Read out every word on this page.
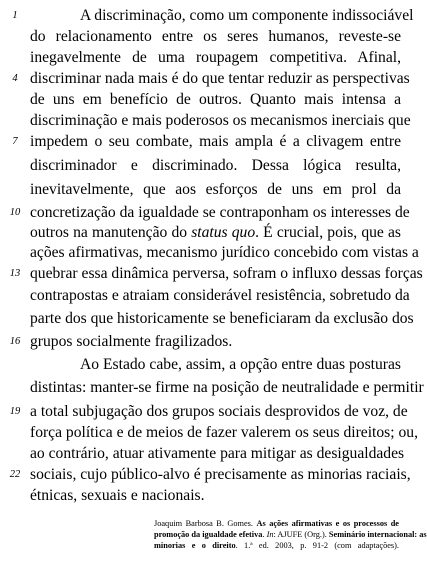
1
4
7
10
13
16
19
22
A discriminação, como um componente indissociável
do relacionamento entre os seres humanos, reveste-se
inegavelmente de uma roupagem competitiva. Afinal,
discriminar nada mais é do que tentar reduzir as perspectivas
de uns em benefício de outros. Quanto mais intensa a
discriminação e mais poderosos os mecanismos inerciais que
impedem o seu combate, mais ampla é a clivagem entre
discriminador e discriminado. Dessa lógica resulta,
inevitavelmente, que aos esforços de uns em prol da
concretização da igualdade se contraponham os interesses de
outros na manutenção do status quo. É crucial, pois, que as
ações afirmativas, mecanismo jurídico concebido com vistas a
quebrar essa dinâmica perversa, sofram o influxo dessas forças
contrapostas e atraiam considerável resistência, sobretudo da
parte dos que historicamente se beneficiaram da exclusão dos
grupos socialmente fragilizados.
Ao Estado cabe, assim, a opção entre duas posturas
distintas: manter-se firme na posição de neutralidade e permitir
a total subjugação dos grupos sociais desprovidos de voz, de
força política e de meios de fazer valerem os seus direitos; ou,
ao contrário, atuar ativamente para mitigar as desigualdades
sociais, cujo público-alvo é precisamente as minorias raciais,
étnicas, sexuais e nacionais.
Joaquim Barbosa B. Gomes. As ações afirmativas e os processos de
promoção da igualdade efetiva. In: AJUFE (Org.). Seminário internacional: as
minorias e o direito. 1.ª ed. 2003, p. 91-2 (com adaptações).
